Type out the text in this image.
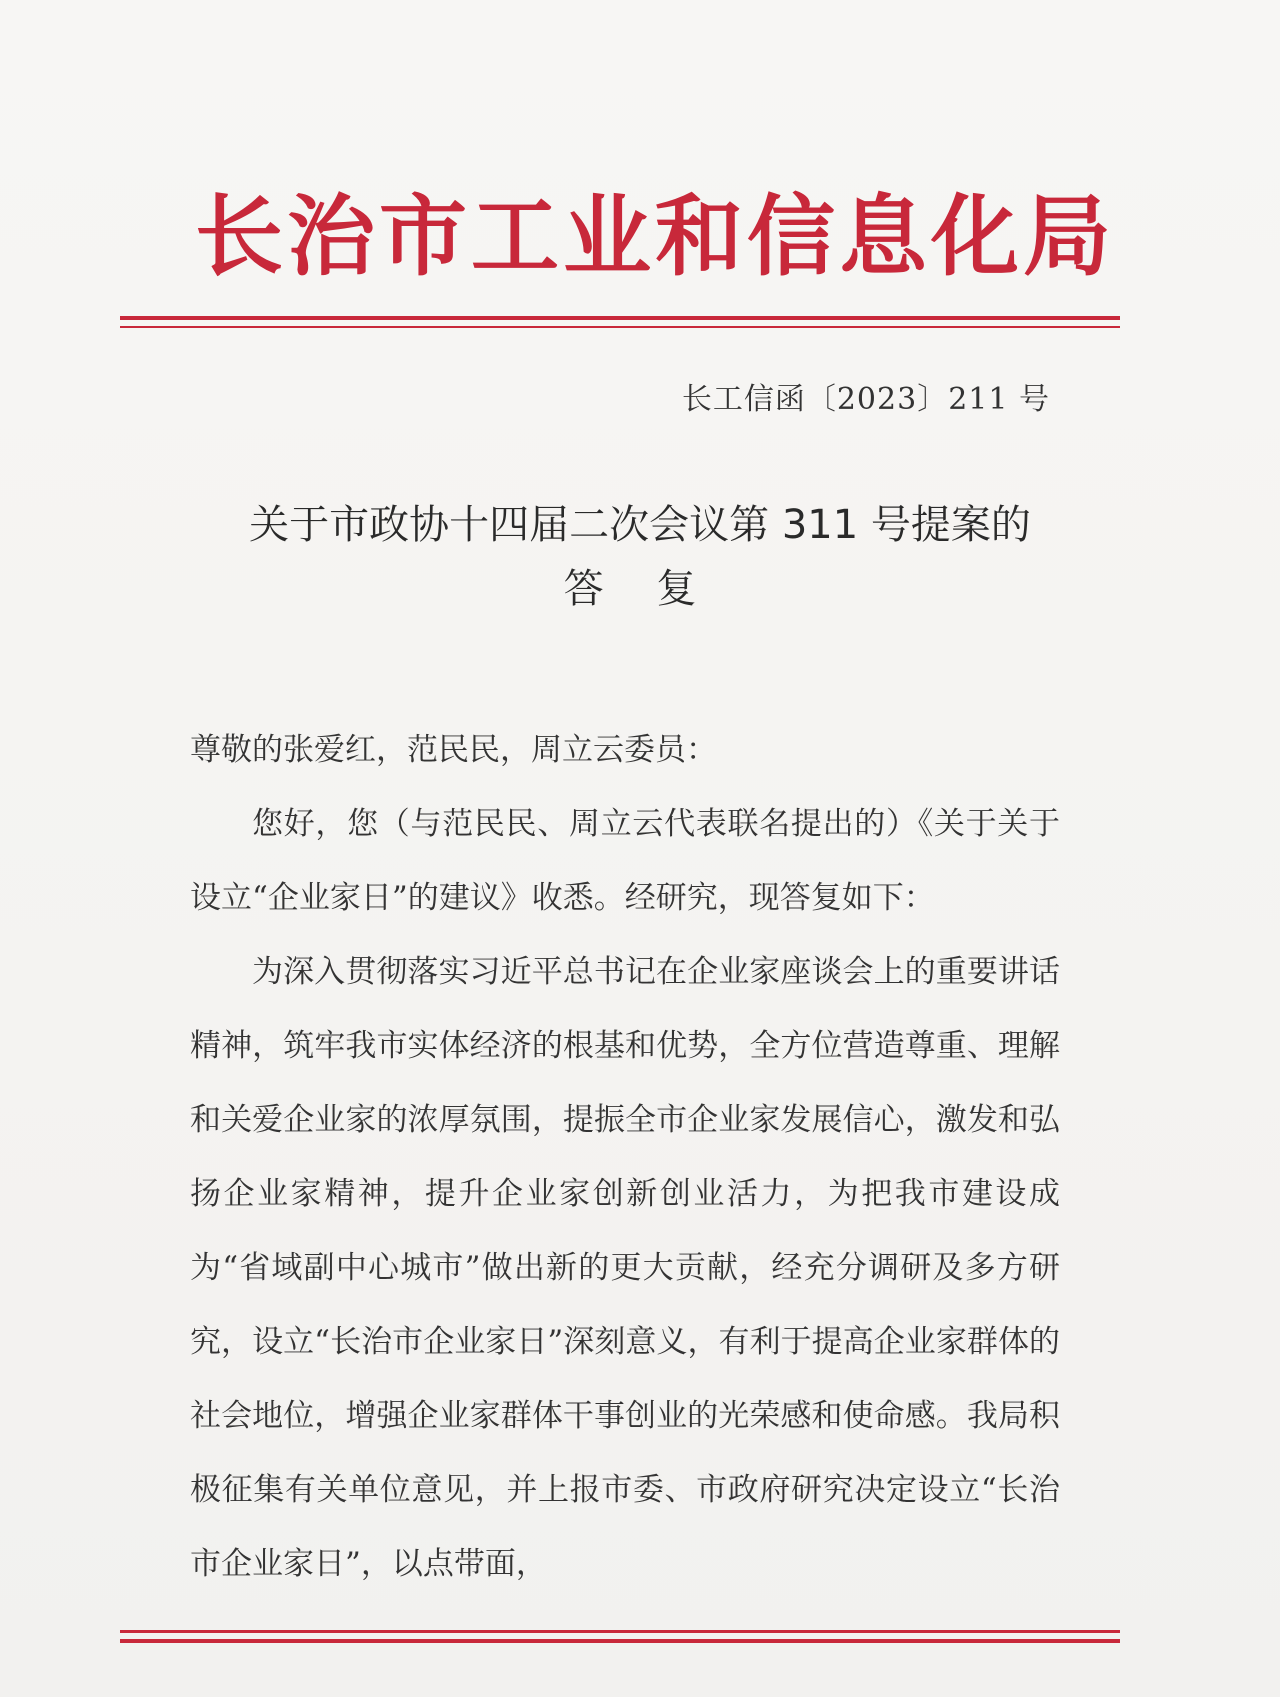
长治市工业和信息化局
长工信函〔2023〕211 号
关于市政协十四届二次会议第 311 号提案的
答 复

尊敬的张爱红，范民民，周立云委员：

您好，您（与范民民、周立云代表联名提出的）《关于关于设立“企业家日”的建议》收悉。经研究，现答复如下：

为深入贯彻落实习近平总书记在企业家座谈会上的重要讲话精神，筑牢我市实体经济的根基和优势，全方位营造尊重、理解和关爱企业家的浓厚氛围，提振全市企业家发展信心，激发和弘扬企业家精神，提升企业家创新创业活力，为把我市建设成为“省域副中心城市”做出新的更大贡献，经充分调研及多方研究，设立“长治市企业家日”深刻意义，有利于提高企业家群体的社会地位，增强企业家群体干事创业的光荣感和使命感。我局积极征集有关单位意见，并上报市委、市政府研究决定设立“长治市企业家日”，以点带面，
